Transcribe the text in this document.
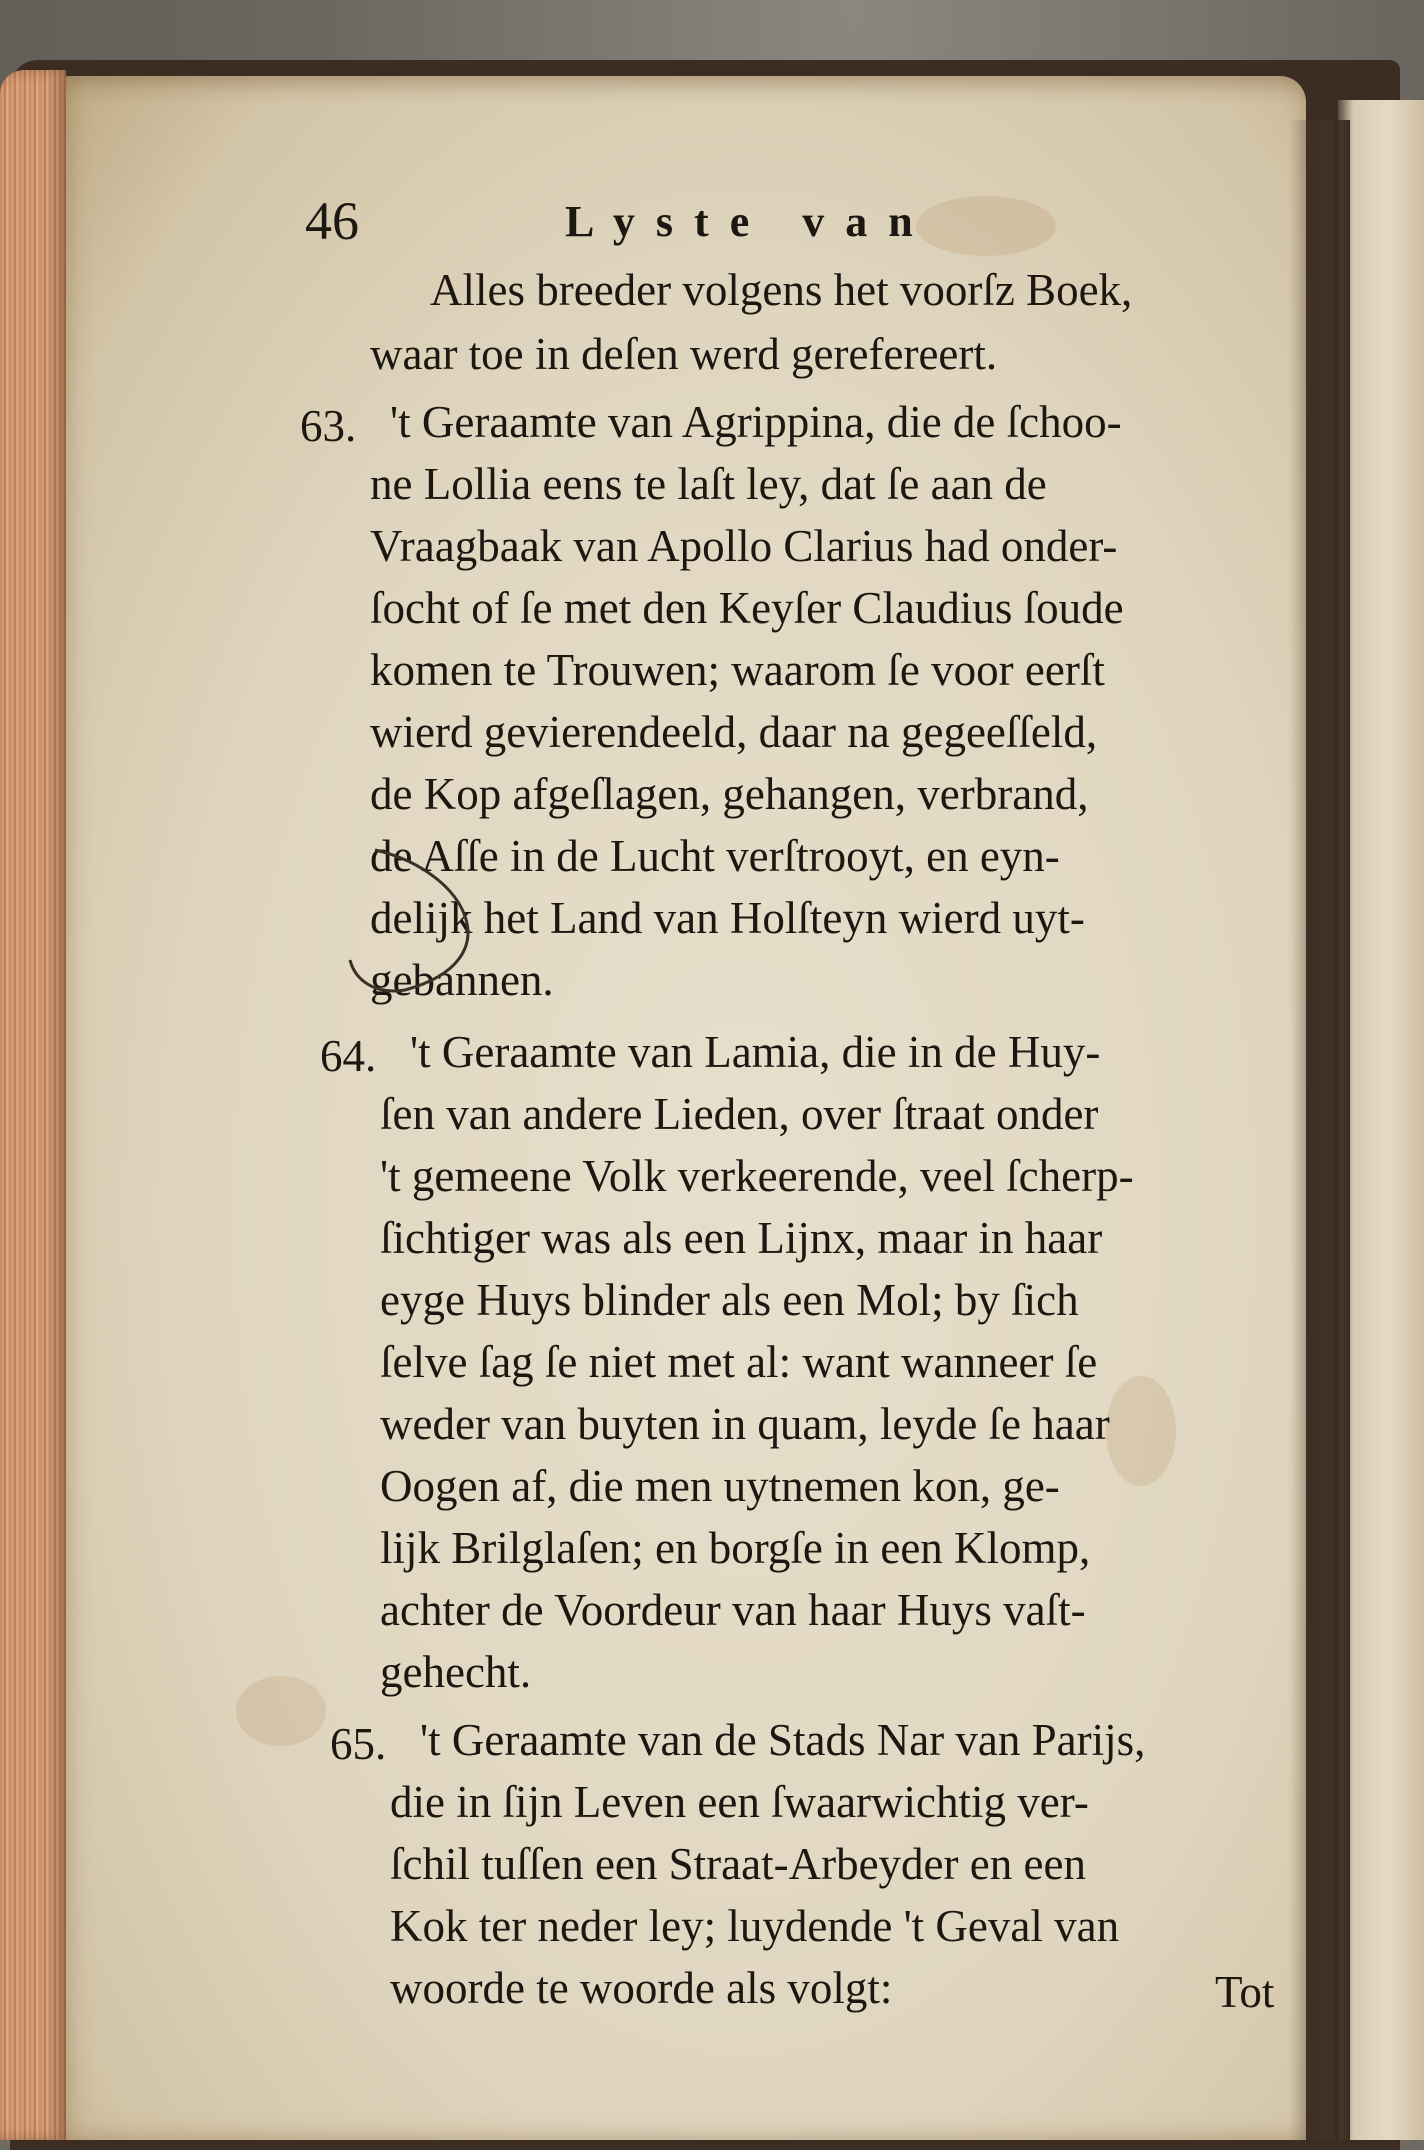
46	Lyste van
Alles breeder volgens het voorſz Boek,
waar toe in deſen werd gerefereert.
63. 't Geraamte van Agrippina, die de ſchoo-
ne Lollia eens te laſt ley, dat ſe aan de
Vraagbaak van Apollo Clarius had onder-
ſocht of ſe met den Keyſer Claudius ſoude
komen te Trouwen; waarom ſe voor eerſt
wierd gevierendeeld, daar na gegeeſſeld,
de Kop afgeſlagen, gehangen, verbrand,
de Aſſe in de Lucht verſtrooyt, en eyn-
delijk het Land van Holſteyn wierd uyt-
gebannen.
64. 't Geraamte van Lamia, die in de Huy-
ſen van andere Lieden, over ſtraat onder
't gemeene Volk verkeerende, veel ſcherp-
ſichtiger was als een Lijnx, maar in haar
eyge Huys blinder als een Mol; by ſich
ſelve ſag ſe niet met al: want wanneer ſe
weder van buyten in quam, leyde ſe haar
Oogen af, die men uytnemen kon, ge-
lijk Brilglaſen; en borgſe in een Klomp,
achter de Voordeur van haar Huys vaſt-
gehecht.
65. 't Geraamte van de Stads Nar van Parijs,
die in ſijn Leven een ſwaarwichtig ver-
ſchil tuſſen een Straat-Arbeyder en een
Kok ter neder ley; luydende 't Geval van
woorde te woorde als volgt:	Tot
